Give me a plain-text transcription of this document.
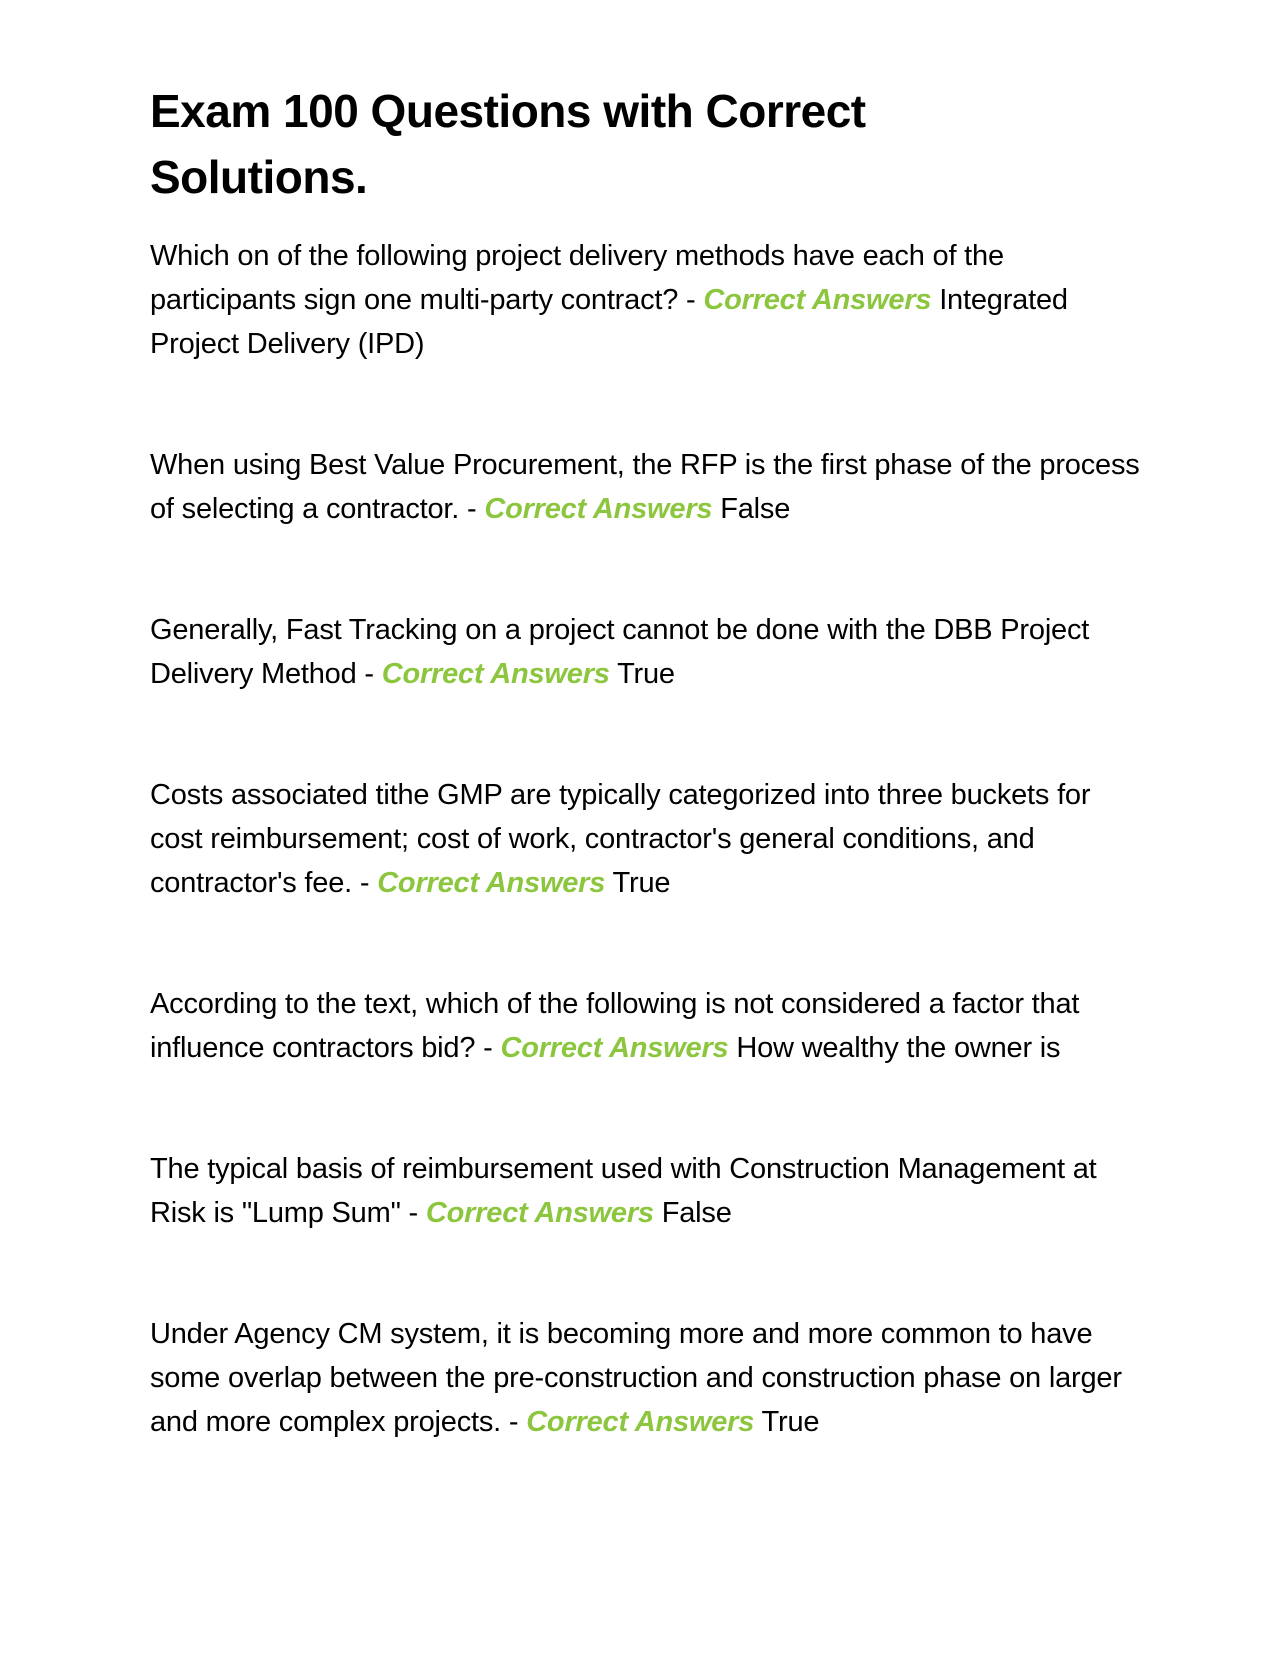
Exam 100 Questions with Correct Solutions.
Which on of the following project delivery methods have each of the participants sign one multi-party contract? - Correct Answers Integrated Project Delivery (IPD)
When using Best Value Procurement, the RFP is the first phase of the process of selecting a contractor. - Correct Answers False
Generally, Fast Tracking on a project cannot be done with the DBB Project Delivery Method - Correct Answers True
Costs associated tithe GMP are typically categorized into three buckets for cost reimbursement; cost of work, contractor's general conditions, and contractor's fee. - Correct Answers True
According to the text, which of the following is not considered a factor that influence contractors bid? - Correct Answers How wealthy the owner is
The typical basis of reimbursement used with Construction Management at Risk is "Lump Sum" - Correct Answers False
Under Agency CM system, it is becoming more and more common to have some overlap between the pre-construction and construction phase on larger and more complex projects. - Correct Answers True
